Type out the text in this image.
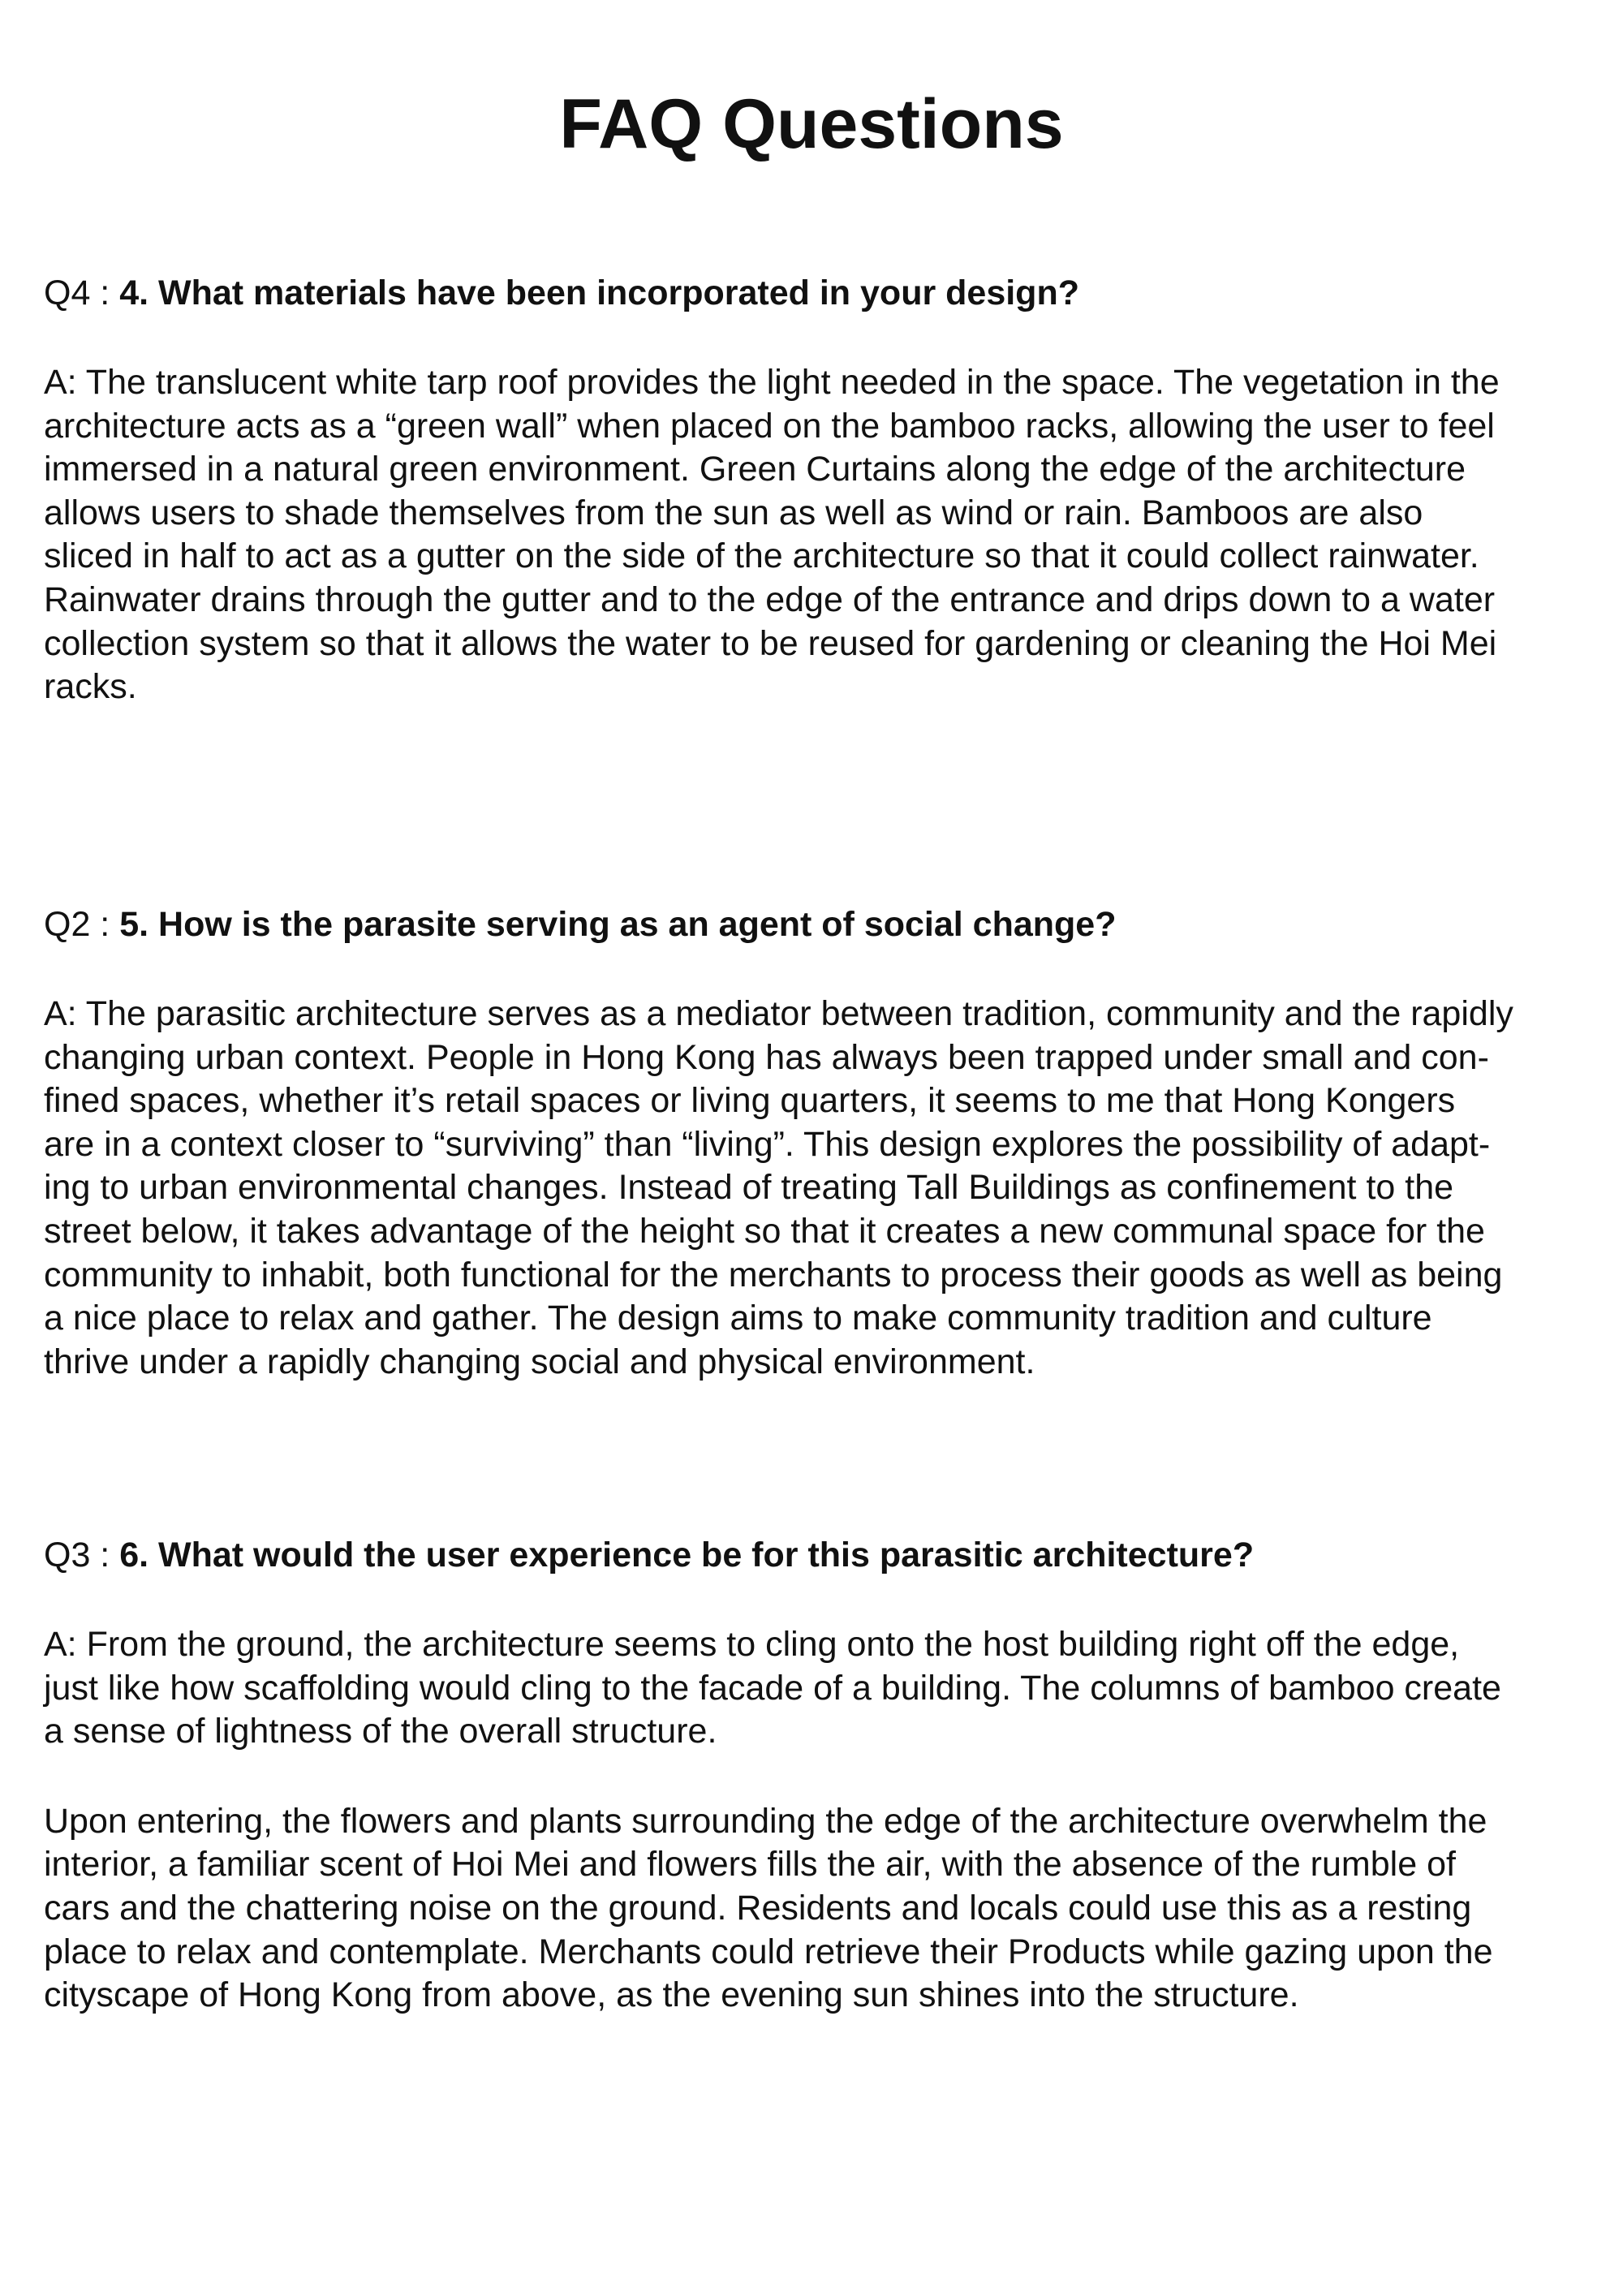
FAQ Questions

Q4 : 4. What materials have been incorporated in your design?

A: The translucent white tarp roof provides the light needed in the space. The vegetation in the
architecture acts as a “green wall” when placed on the bamboo racks, allowing the user to feel
immersed in a natural green environment. Green Curtains along the edge of the architecture
allows users to shade themselves from the sun as well as wind or rain. Bamboos are also
sliced in half to act as a gutter on the side of the architecture so that it could collect rainwater.
Rainwater drains through the gutter and to the edge of the entrance and drips down to a water
collection system so that it allows the water to be reused for gardening or cleaning the Hoi Mei
racks.

Q2 : 5. How is the parasite serving as an agent of social change?

A: The parasitic architecture serves as a mediator between tradition, community and the rapidly
changing urban context. People in Hong Kong has always been trapped under small and con-
fined spaces, whether it’s retail spaces or living quarters, it seems to me that Hong Kongers
are in a context closer to “surviving” than “living”. This design explores the possibility of adapt-
ing to urban environmental changes. Instead of treating Tall Buildings as confinement to the
street below, it takes advantage of the height so that it creates a new communal space for the
community to inhabit, both functional for the merchants to process their goods as well as being
a nice place to relax and gather. The design aims to make community tradition and culture
thrive under a rapidly changing social and physical environment.

Q3 : 6. What would the user experience be for this parasitic architecture?

A: From the ground, the architecture seems to cling onto the host building right off the edge,
just like how scaffolding would cling to the facade of a building. The columns of bamboo create
a sense of lightness of the overall structure.

Upon entering, the flowers and plants surrounding the edge of the architecture overwhelm the
interior, a familiar scent of Hoi Mei and flowers fills the air, with the absence of the rumble of
cars and the chattering noise on the ground. Residents and locals could use this as a resting
place to relax and contemplate. Merchants could retrieve their Products while gazing upon the
cityscape of Hong Kong from above, as the evening sun shines into the structure.
